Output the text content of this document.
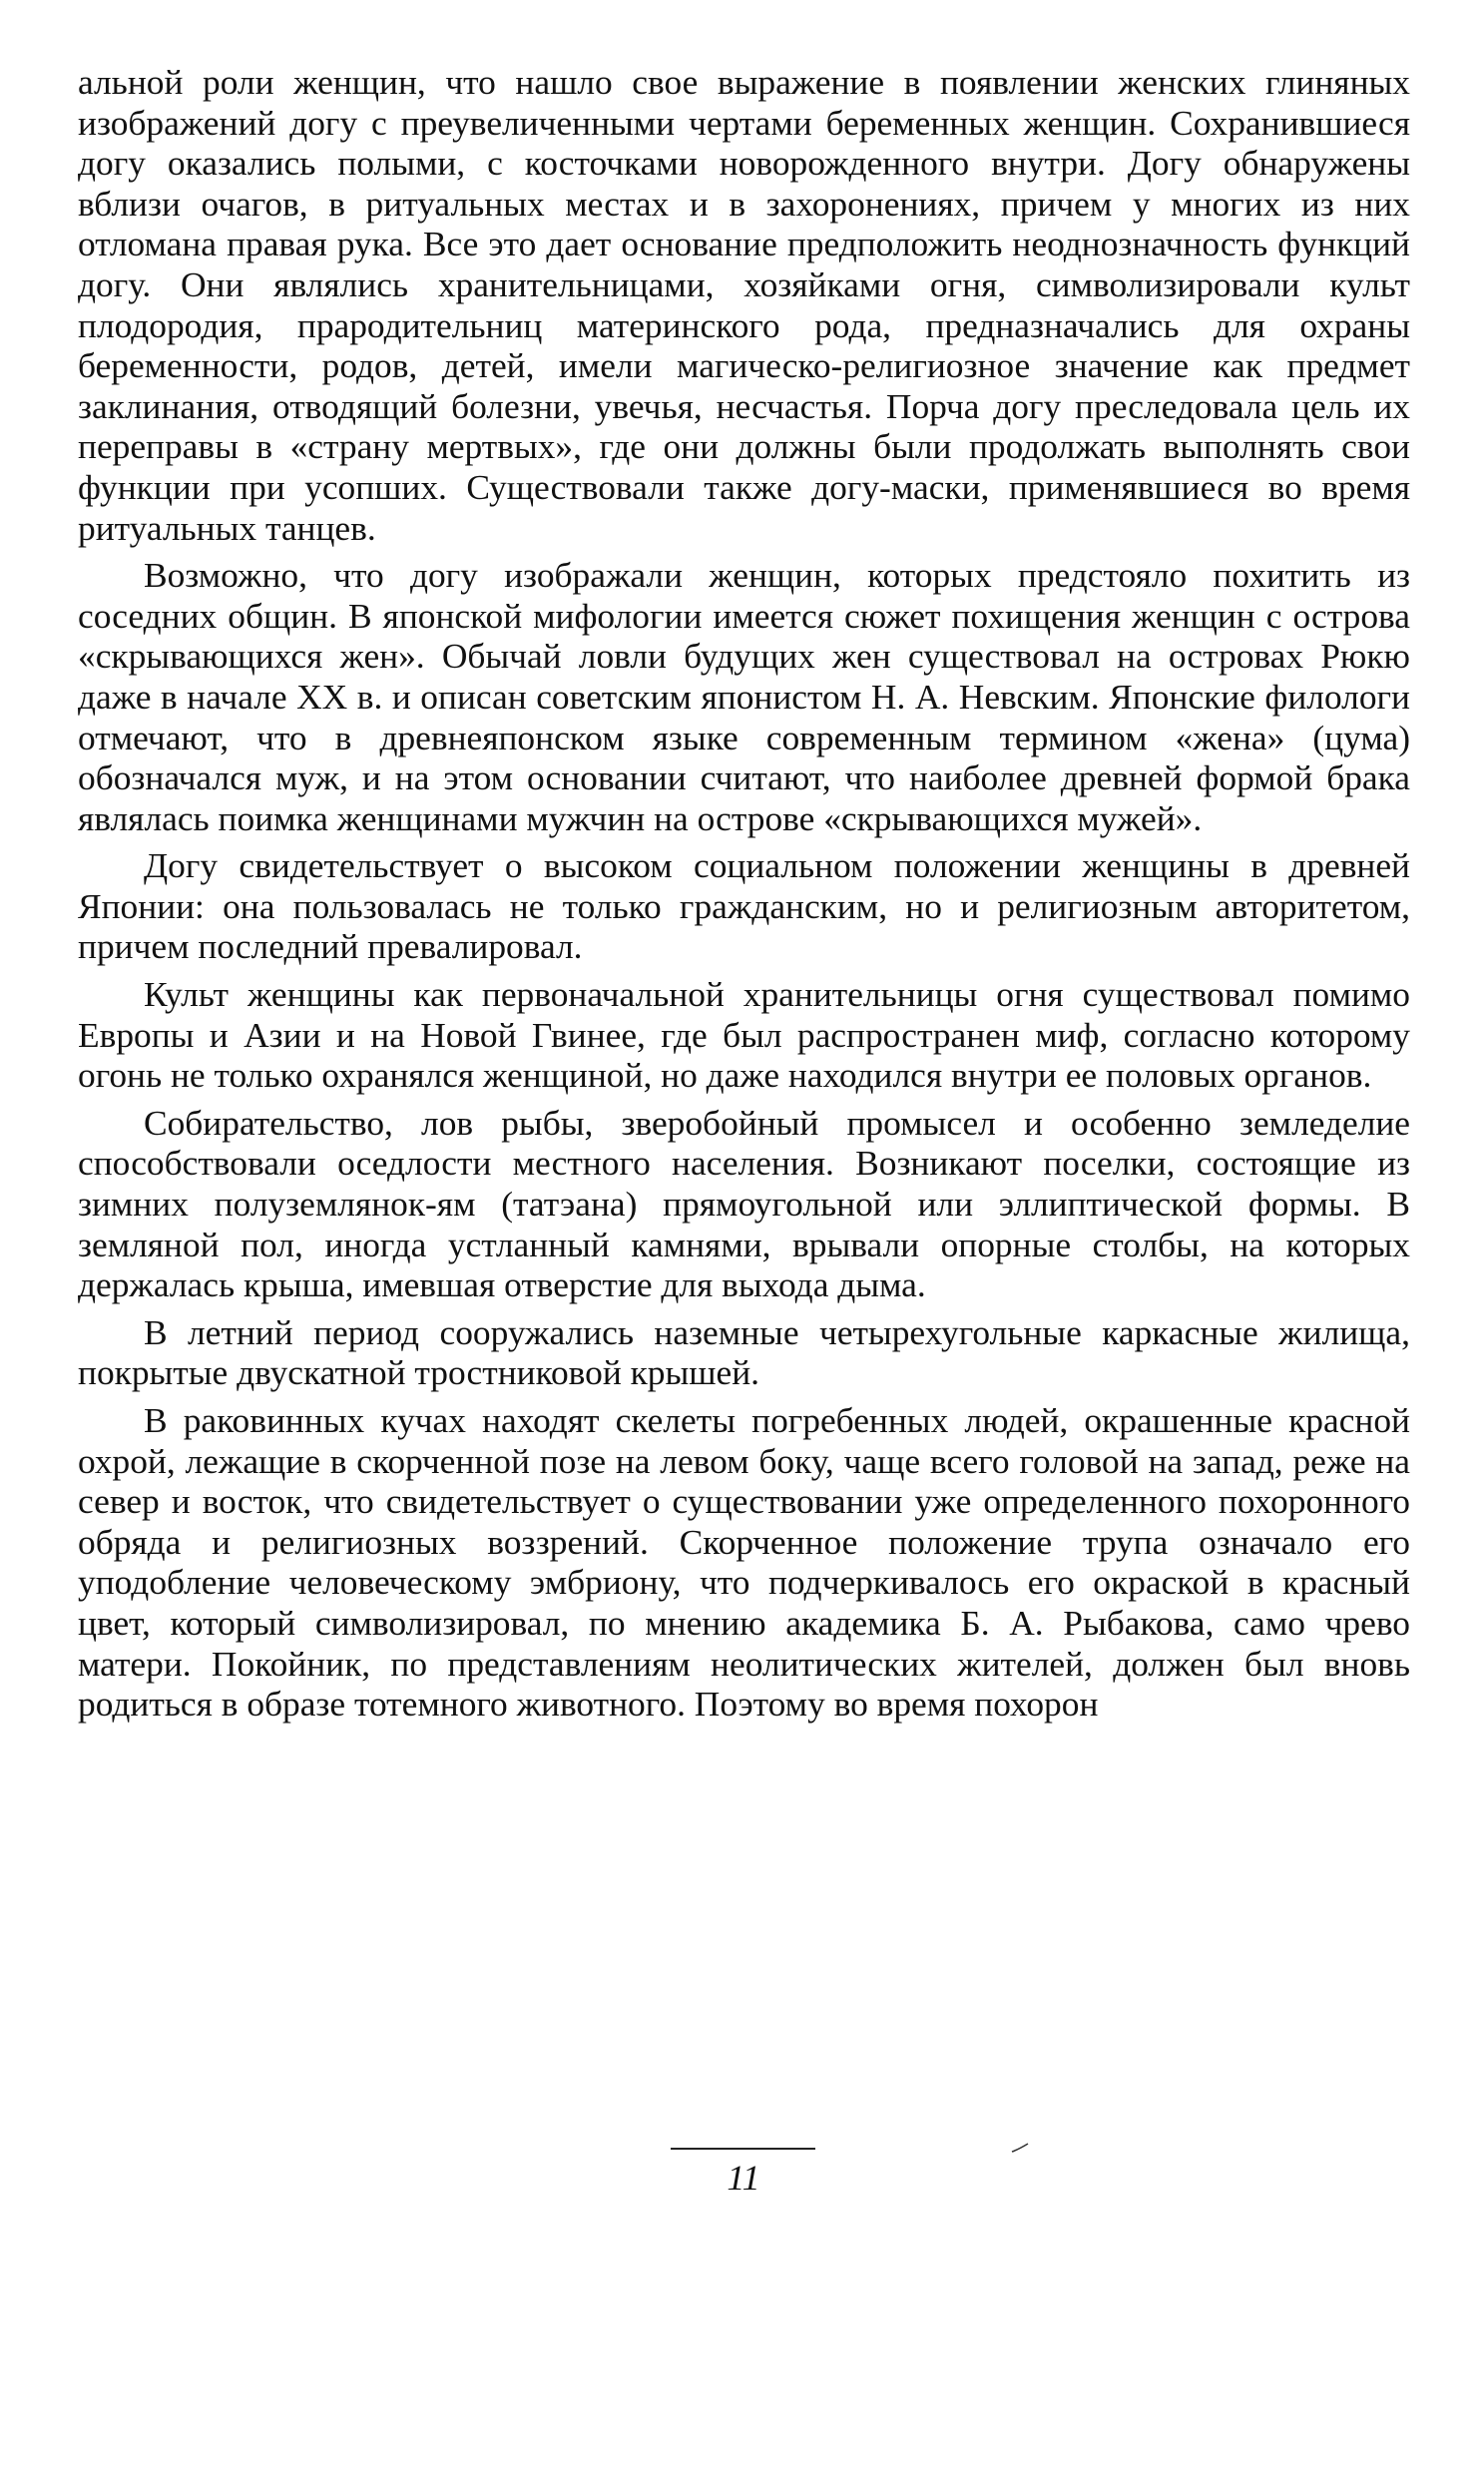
альной роли женщин, что нашло свое выражение в появлении женских глиняных изображений догу с преувеличенными чертами беременных женщин. Сохранившиеся догу оказались полыми, с косточками новорожденного внутри. Догу обнаружены вблизи очагов, в ритуальных местах и в захоронениях, причем у многих из них отломана правая рука. Все это дает основание предположить неоднозначность функций догу. Они являлись хранительницами, хозяйками огня, символизировали культ плодородия, прародительниц материнского рода, предназначались для охраны беременности, родов, детей, имели магическо-религиозное значение как предмет заклинания, отводящий болезни, увечья, несчастья. Порча догу преследовала цель их переправы в «страну мертвых», где они должны были продолжать выполнять свои функции при усопших. Существовали также догу-маски, применявшиеся во время ритуальных танцев.

Возможно, что догу изображали женщин, которых предстояло похитить из соседних общин. В японской мифологии имеется сюжет похищения женщин с острова «скрывающихся жен». Обычай ловли будущих жен существовал на островах Рюкю даже в начале XX в. и описан советским японистом Н. А. Невским. Японские филологи отмечают, что в древнеяпонском языке современным термином «жена» (цума) обозначался муж, и на этом основании считают, что наиболее древней формой брака являлась поимка женщинами мужчин на острове «скрывающихся мужей».

Догу свидетельствует о высоком социальном положении женщины в древней Японии: она пользовалась не только гражданским, но и религиозным авторитетом, причем последний превалировал.

Культ женщины как первоначальной хранительницы огня существовал помимо Европы и Азии и на Новой Гвинее, где был распространен миф, согласно которому огонь не только охранялся женщиной, но даже находился внутри ее половых органов.

Собирательство, лов рыбы, зверобойный промысел и особенно земледелие способствовали оседлости местного населения. Возникают поселки, состоящие из зимних полуземлянок-ям (татэана) прямоугольной или эллиптической формы. В земляной пол, иногда устланный камнями, врывали опорные столбы, на которых держалась крыша, имевшая отверстие для выхода дыма.

В летний период сооружались наземные четырехугольные каркасные жилища, покрытые двускатной тростниковой крышей.

В раковинных кучах находят скелеты погребенных людей, окрашенные красной охрой, лежащие в скорченной позе на левом боку, чаще всего головой на запад, реже на север и восток, что свидетельствует о существовании уже определенного похоронного обряда и религиозных воззрений. Скорченное положение трупа означало его уподобление человеческому эмбриону, что подчеркивалось его окраской в красный цвет, который символизировал, по мнению академика Б. А. Рыбакова, само чрево матери. Покойник, по представлениям неолитических жителей, должен был вновь родиться в образе тотемного животного. Поэтому во время похорон

11
